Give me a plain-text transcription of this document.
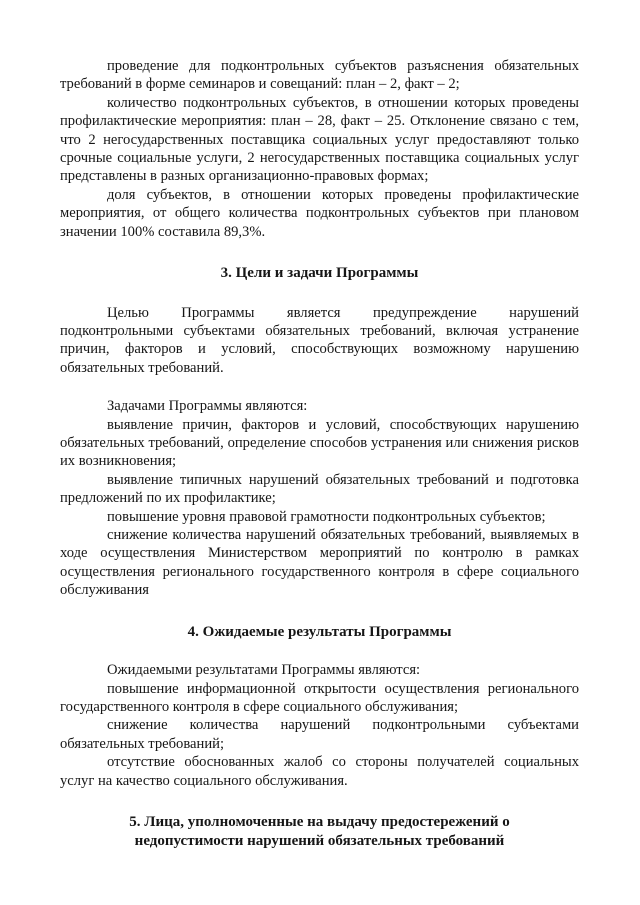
проведение для подконтрольных субъектов разъяснения обязательных требований в форме семинаров и совещаний: план – 2, факт – 2;

количество подконтрольных субъектов, в отношении которых проведены профилактические мероприятия: план – 28, факт – 25. Отклонение связано с тем, что 2 негосударственных поставщика социальных услуг предоставляют только срочные социальные услуги, 2 негосударственных поставщика социальных услуг представлены в разных организационно-правовых формах;

доля субъектов, в отношении которых проведены профилактические мероприятия, от общего количества подконтрольных субъектов при плановом значении 100% составила 89,3%.

3. Цели и задачи Программы

Целью Программы является предупреждение нарушений подконтрольными субъектами обязательных требований, включая устранение причин, факторов и условий, способствующих возможному нарушению обязательных требований.

Задачами Программы являются:

выявление причин, факторов и условий, способствующих нарушению обязательных требований, определение способов устранения или снижения рисков их возникновения;

выявление типичных нарушений обязательных требований и подготовка предложений по их профилактике;

повышение уровня правовой грамотности подконтрольных субъектов;

снижение количества нарушений обязательных требований, выявляемых в ходе осуществления Министерством мероприятий по контролю в рамках осуществления регионального государственного контроля в сфере социального обслуживания

4. Ожидаемые результаты Программы

Ожидаемыми результатами Программы являются:

повышение информационной открытости осуществления регионального государственного контроля в сфере социального обслуживания;

снижение количества нарушений подконтрольными субъектами обязательных требований;

отсутствие обоснованных жалоб со стороны получателей социальных услуг на качество социального обслуживания.

5. Лица, уполномоченные на выдачу предостережений о
недопустимости нарушений обязательных требований
